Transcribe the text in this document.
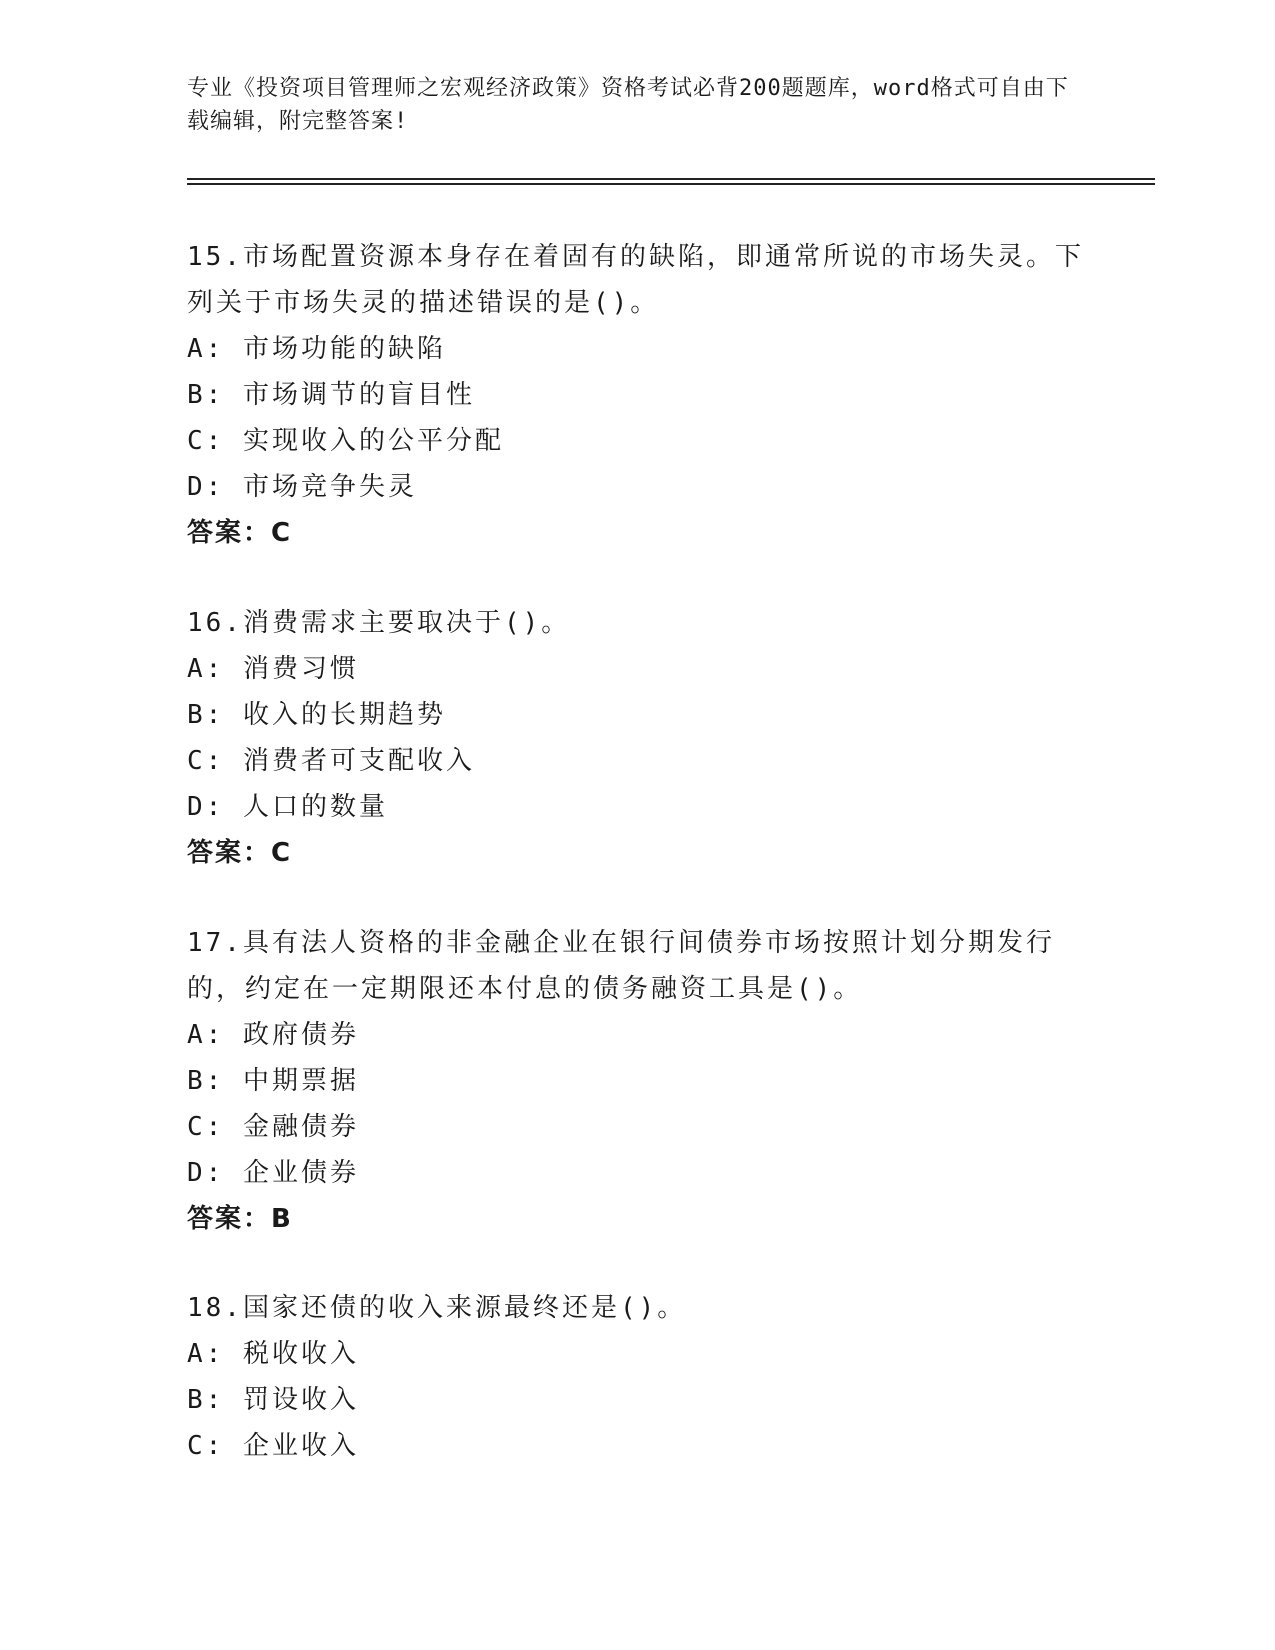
专业《投资项目管理师之宏观经济政策》资格考试必背200题题库，word格式可自由下载编辑，附完整答案!
15.市场配置资源本身存在着固有的缺陷，即通常所说的市场失灵。下列关于市场失灵的描述错误的是()。
A: 市场功能的缺陷
B: 市场调节的盲目性
C: 实现收入的公平分配
D: 市场竞争失灵
答案：C
16.消费需求主要取决于()。
A: 消费习惯
B: 收入的长期趋势
C: 消费者可支配收入
D: 人口的数量
答案：C
17.具有法人资格的非金融企业在银行间债券市场按照计划分期发行的，约定在一定期限还本付息的债务融资工具是()。
A: 政府债券
B: 中期票据
C: 金融债券
D: 企业债券
答案：B
18.国家还债的收入来源最终还是()。
A: 税收收入
B: 罚设收入
C: 企业收入
